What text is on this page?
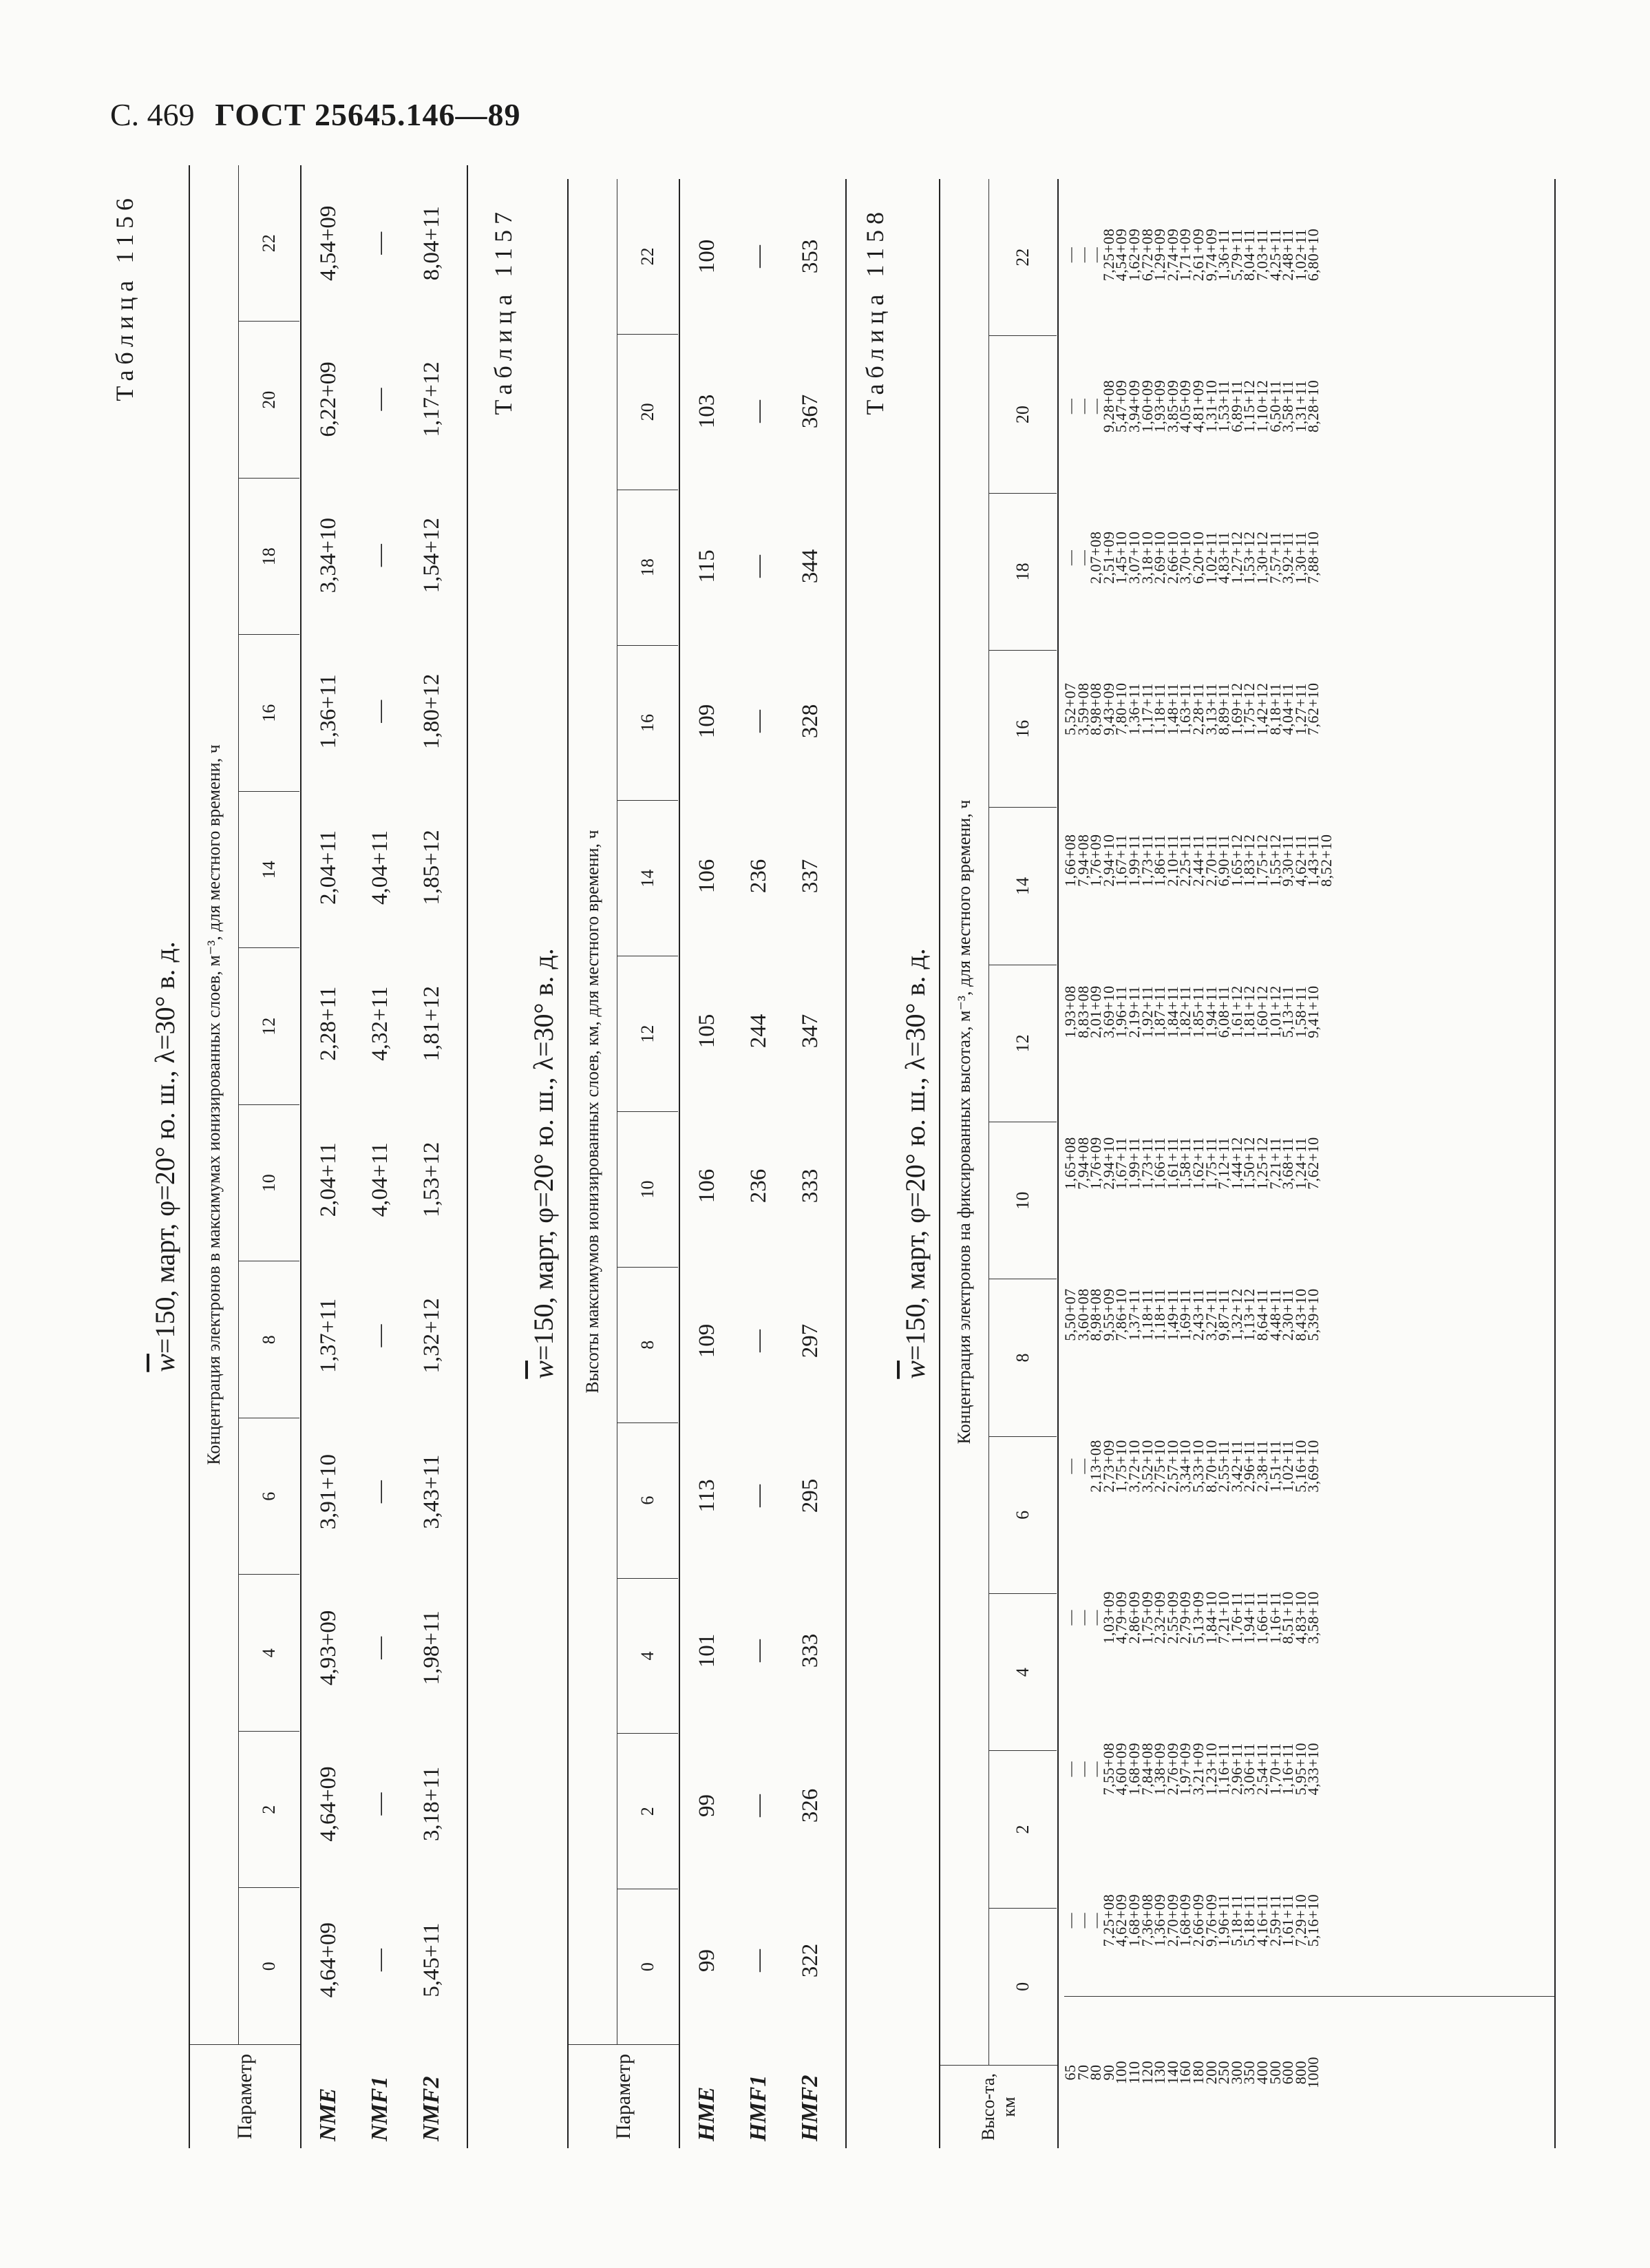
С. 469 ГОСТ 25645.146—89
Таблица 1156
$\overline{w}=150$, март, φ=20° ю. ш., λ=30° в. д.
Параметр
Концентрация электронов в максимумах ионизированных слоев, м⁻³, для местного времени, ч
0
2
4
6
8
10
12
14
16
18
20
22
NME
4,64+09
4,64+09
4,93+09
3,91+10
1,37+11
2,04+11
2,28+11
2,04+11
1,36+11
3,34+10
6,22+09
4,54+09
NMF1
—
—
—
—
—
4,04+11
4,32+11
4,04+11
—
—
—
—
NMF2
5,45+11
3,18+11
1,98+11
3,43+11
1,32+12
1,53+12
1,81+12
1,85+12
1,80+12
1,54+12
1,17+12
8,04+11	Таблица 1157
$\overline{w}=150$, март, φ=20° ю. ш., λ=30° в. д.
Параметр
Высоты максимумов ионизированных слоев, км, для местного времени, ч
0
2
4
6
8
10
12
14
16
18
20
22
HME
99
99
101
113
109
106
105
106
109
115
103
100
HMF1
—
—
—
—
—
236
244
236
—
—
—
—
HMF2
322
326
333
295
297
333
347
337
328
344
367
353	Таблица 1158
$\overline{w}=150$, март, φ=20° ю. ш., λ=30° в. д.
Высо-та, км
Концентрация электронов на фиксированных высотах, м⁻³, для местного времени, ч
0
2
4
6
8
10
12
14
16
18
20
22
65
70
80
90
100
110
120
130
140
160
180
200
250
300
350
400
500
600
800
1000
—
—
—
7,25+08
4,62+09
1,68+09
7,36+08
1,36+09
2,70+09
1,68+09
2,66+09
9,76+09
1,96+11
5,18+11
5,18+11
4,16+11
2,59+11
1,61+11
7,29+10
5,16+10
—
—
—
7,55+08
4,60+09
1,68+09
7,84+08
1,38+09
2,76+09
1,97+09
3,21+09
1,23+10
1,16+11
2,96+11
3,06+11
2,54+11
1,70+11
1,16+11
5,95+10
4,33+10
—
—
—
1,03+09
4,79+09
2,86+09
1,75+09
2,32+09
2,55+09
2,79+09
5,13+09
1,84+10
7,21+10
1,76+11
1,94+11
1,66+11
1,16+11
8,51+10
4,83+10
3,58+10
—
—
2,13+08
2,73+09
1,75+10
3,72+10
3,52+10
2,75+10
2,57+10
3,34+10
5,33+10
8,70+10
2,55+11
3,42+11
2,96+11
2,38+11
1,51+11
1,02+11
5,16+10
3,69+10
5,50+07
3,60+08
8,98+08
9,55+09
7,86+10
1,37+11
1,18+11
1,18+11
1,49+11
1,69+11
2,43+11
3,27+11
9,87+11
1,32+12
1,13+12
8,64+11
4,48+11
2,30+11
8,43+10
5,39+10
1,65+08
7,94+08
1,76+09
2,94+10
1,67+11
1,99+11
1,73+11
1,66+11
1,61+11
1,58+11
1,62+11
1,75+11
7,12+11
1,44+12
1,50+12
1,25+12
7,21+11
3,68+11
1,24+11
7,62+10
1,93+08
8,83+08
2,01+09
3,69+10
1,96+11
2,19+11
1,92+11
1,87+11
1,84+11
1,82+11
1,85+11
1,94+11
6,08+11
1,61+12
1,81+12
1,60+12
1,01+12
5,13+11
1,58+11
9,41+10
1,66+08
7,94+08
1,76+09
2,94+10
1,67+11
1,99+11
1,73+11
1,86+11
2,10+11
2,25+11
2,44+11
2,70+11
6,90+11
1,65+12
1,83+12
1,75+12
1,55+12
9,30+11
4,62+11
1,43+11
8,52+10
5,52+07
3,59+08
8,98+08
9,43+09
7,80+10
1,36+11
1,17+11
1,18+11
1,48+11
1,63+11
2,28+11
3,13+11
8,89+11
1,69+12
1,75+12
1,42+12
8,18+11
4,04+11
1,27+11
7,62+10
—
—
2,07+08
2,51+09
1,45+10
3,07+10
3,18+10
2,69+10
2,66+10
3,70+10
6,20+10
1,02+11
4,83+11
1,27+12
1,53+12
1,30+12
7,57+11
3,92+11
1,30+11
7,88+10
—
—
—
9,28+08
5,47+09
3,94+09
1,60+09
1,93+09
3,85+09
4,05+09
4,81+09
1,31+10
1,53+11
6,89+11
1,15+12
1,10+12
6,50+11
3,58+11
1,31+11
8,28+10
—
—
—
7,25+08
4,54+09
1,62+09
6,72+08
1,29+09
2,74+09
1,71+09
2,61+09
9,74+09
1,36+11
5,79+11
8,04+11
7,03+11
4,25+11
2,48+11
1,02+11
6,80+10
